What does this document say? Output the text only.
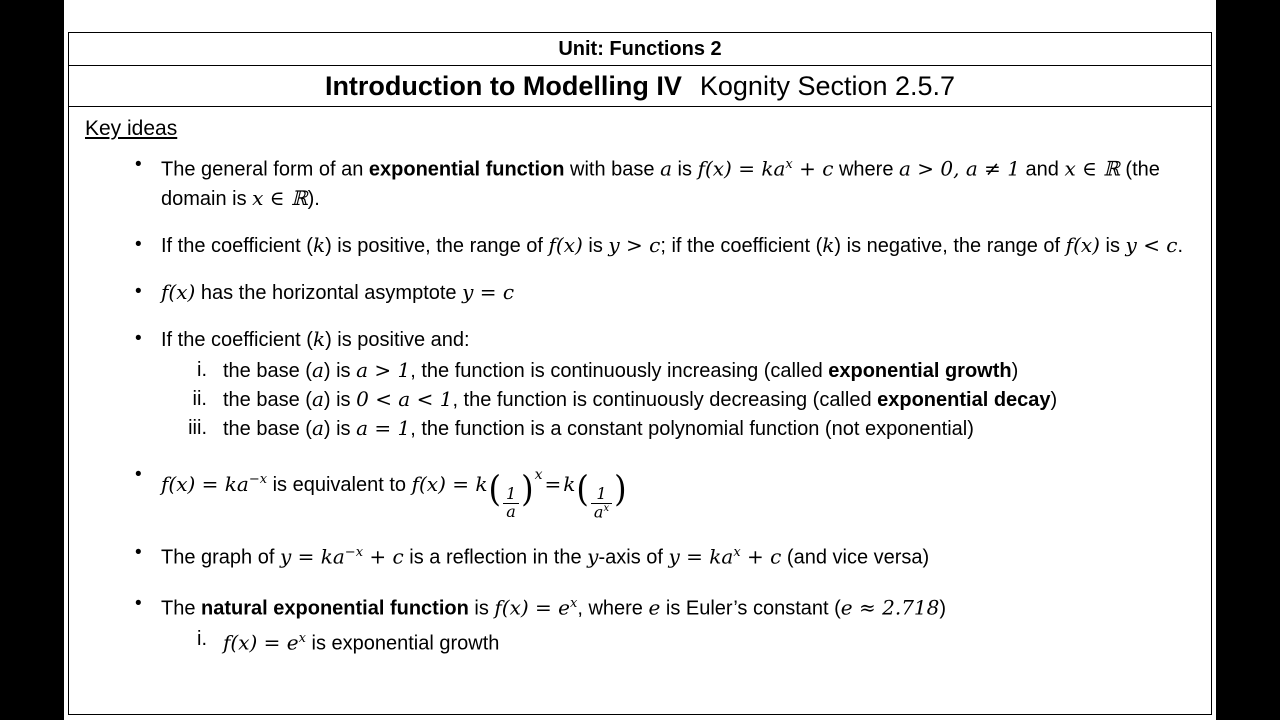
Unit: Functions 2
Introduction to Modelling IV Kognity Section 2.5.7
Key ideas
• The general form of an exponential function with base a is $f(x) = ka^x + c$ where a > 0, a ≠ 1 and x ∈ ℝ (the domain is x ∈ ℝ).
• If the coefficient (k) is positive, the range of f(x) is y > c; if the coefficient (k) is negative, the range of f(x) is y < c.
• f(x) has the horizontal asymptote y = c
• If the coefficient (k) is positive and:
i. the base (a) is a > 1, the function is continuously increasing (called exponential growth)
ii. the base (a) is 0 < a < 1, the function is continuously decreasing (called exponential decay)
iii. the base (a) is a = 1, the function is a constant polynomial function (not exponential)
• $f(x) = ka^{-x}$ is equivalent to $f(x) = k( \frac{1}{a} )^x = k( \frac{1}{a^x}$ )
• The graph of $y = ka^{-x} + c$ is a reflection in the y-axis of $y = ka^x + c$ (and vice versa)
• The natural exponential function is $f(x) = e^x$, where e is Euler’s constant (e ≈ 2.718)
i. $f(x) = e^x$ is exponential growth
